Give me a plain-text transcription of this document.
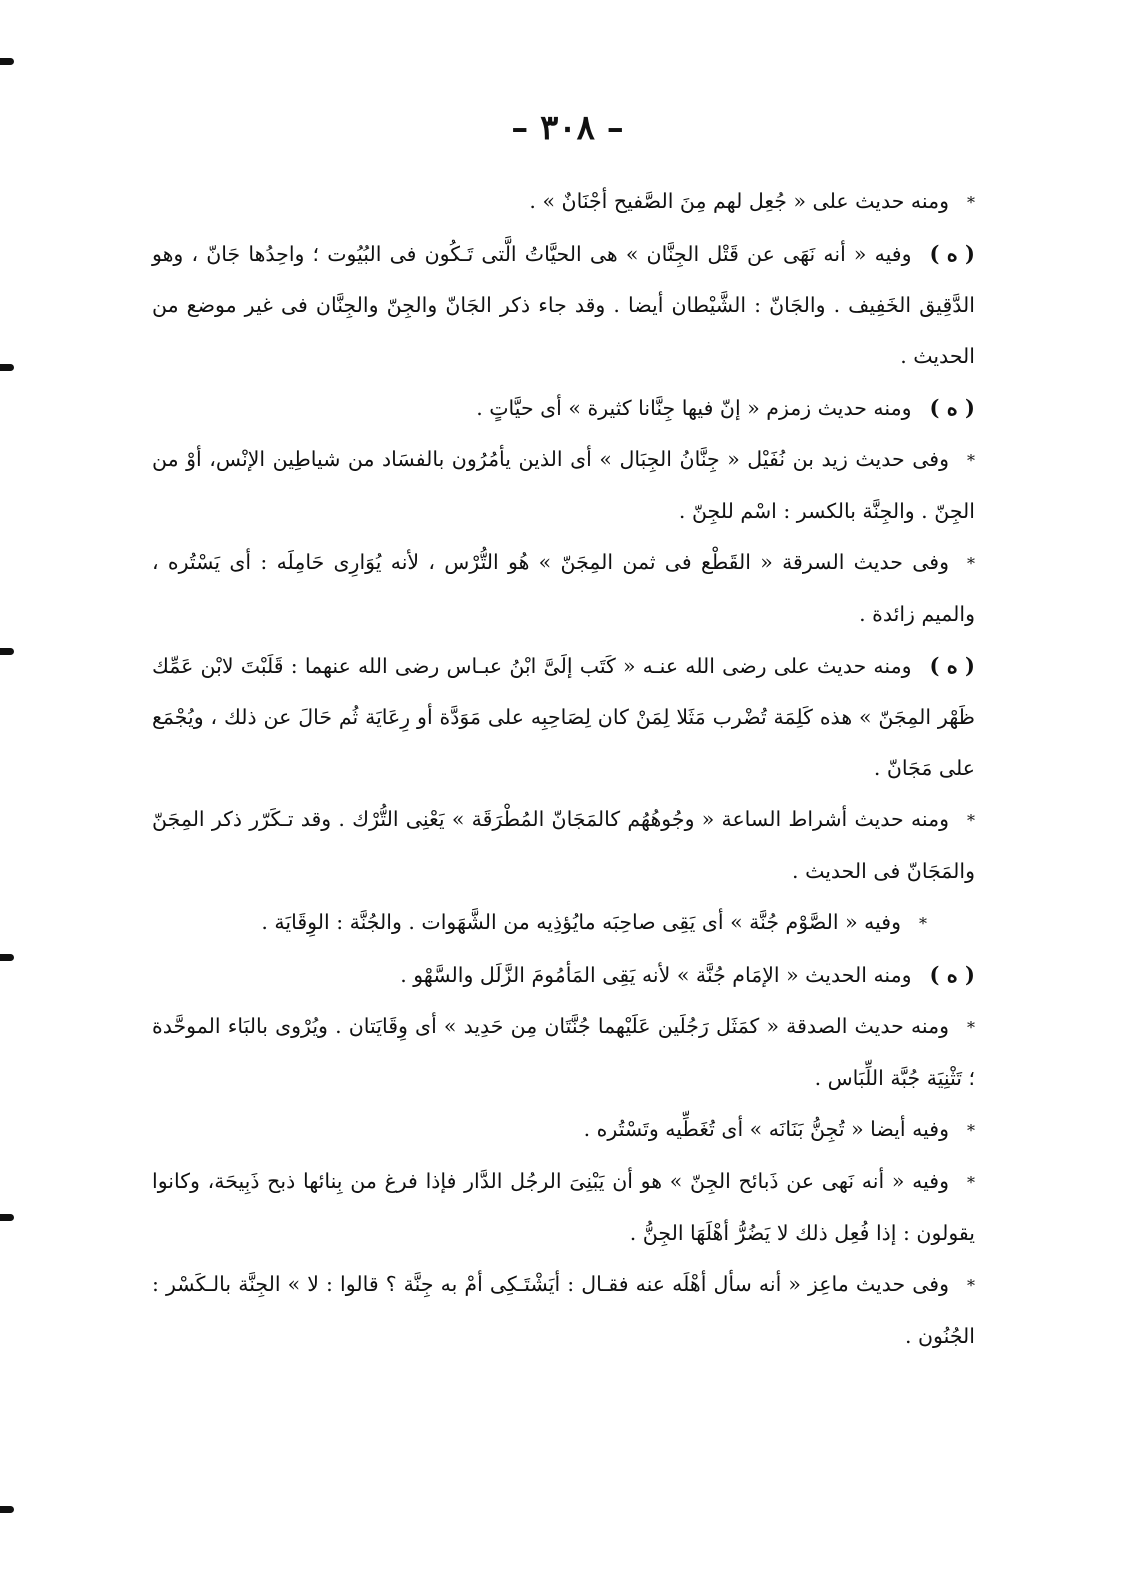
– ٣٠٨ –

*ومنه حديث على « جُعِل لهم مِنَ الصَّفيح أجْنَانٌ » .

( ه )وفيه « أنه نَهَى عن قَتْل الجِنَّان » هى الحيَّاتُ الَّتى تَـكُون فى البُيُوت ؛ واحِدُها جَانّ ، وهو الدَّقِيق الخَفِيف . والجَانّ : الشَّيْطان أيضا . وقد جاء ذكر الجَانّ والجِنّ والجِنَّان فى غير موضع من الحديث .

( ه )ومنه حديث زمزم « إنّ فيها جِنَّانا كثيرة » أى حيَّاتٍ .

*وفى حديث زيد بن نُفَيْل « جِنَّانُ الجِبَال » أى الذين يأمُرُون بالفسَاد من شياطِين الإنْس، أوْ من الجِنّ . والجِنَّة بالكسر : اسْم للجِنّ .

*وفى حديث السرقة « القَطْع فى ثمن المِجَنّ » هُو التُّرْس ، لأنه يُوَارِى حَامِلَه : أى يَسْتُره ، والميم زائدة .

( ه )ومنه حديث على رضى الله عنـه « كَتَب إلَىَّ ابْنُ عبـاس رضى الله عنهما : قَلَبْتَ لابْن عَمِّك ظَهْر المِجَنّ » هذه كَلِمَة تُضْرب مَثَلا لِمَنْ كان لِصَاحِبِه على مَوَدَّة أو رِعَايَة ثُم حَالَ عن ذلك ، ويُجْمَع على مَجَانّ .

*ومنه حديث أشراط الساعة « وجُوهُهُم كالمَجَانّ المُطْرَقَة » يَعْنِى التُّرْك . وقد تـكَرّر ذكر المِجَنّ والمَجَانّ فى الحديث .

*وفيه « الصَّوْم جُنَّة » أى يَقِى صاحِبَه مايُؤذِيه من الشَّهَوات . والجُنَّة : الوِقَايَة .

( ه )ومنه الحديث « الإمَام جُنَّة » لأنه يَقِى المَأمُومَ الزَّلَل والسَّهْو .

*ومنه حديث الصدقة « كمَثَل رَجُلَين عَلَيْهما جُنَّتَان مِن حَدِيد » أى وِقَايَتان . ويُرْوى بالبَاء الموحَّدة ؛ تَثْنِيَة جُبَّة اللِّبَاس .

*وفيه أيضا « تُجِنُّ بَنَانَه » أى تُغَطِّيه وتَسْتُره .

*وفيه « أنه نَهى عن ذَبائح الجِنّ » هو أن يَبْنِىَ الرجُل الدَّار فإذا فرغ من بِنائها ذبح ذَبِيحَة، وكانوا يقولون : إذا فُعِل ذلك لا يَضُرُّ أهْلَهَا الجِنُّ .

*وفى حديث ماعِز « أنه سأل أهْلَه عنه فقـال : أيَشْتَـكِى أمْ به جِنَّة ؟ قالوا : لا » الجِنَّة بالـكَسْر : الجُنُون .
